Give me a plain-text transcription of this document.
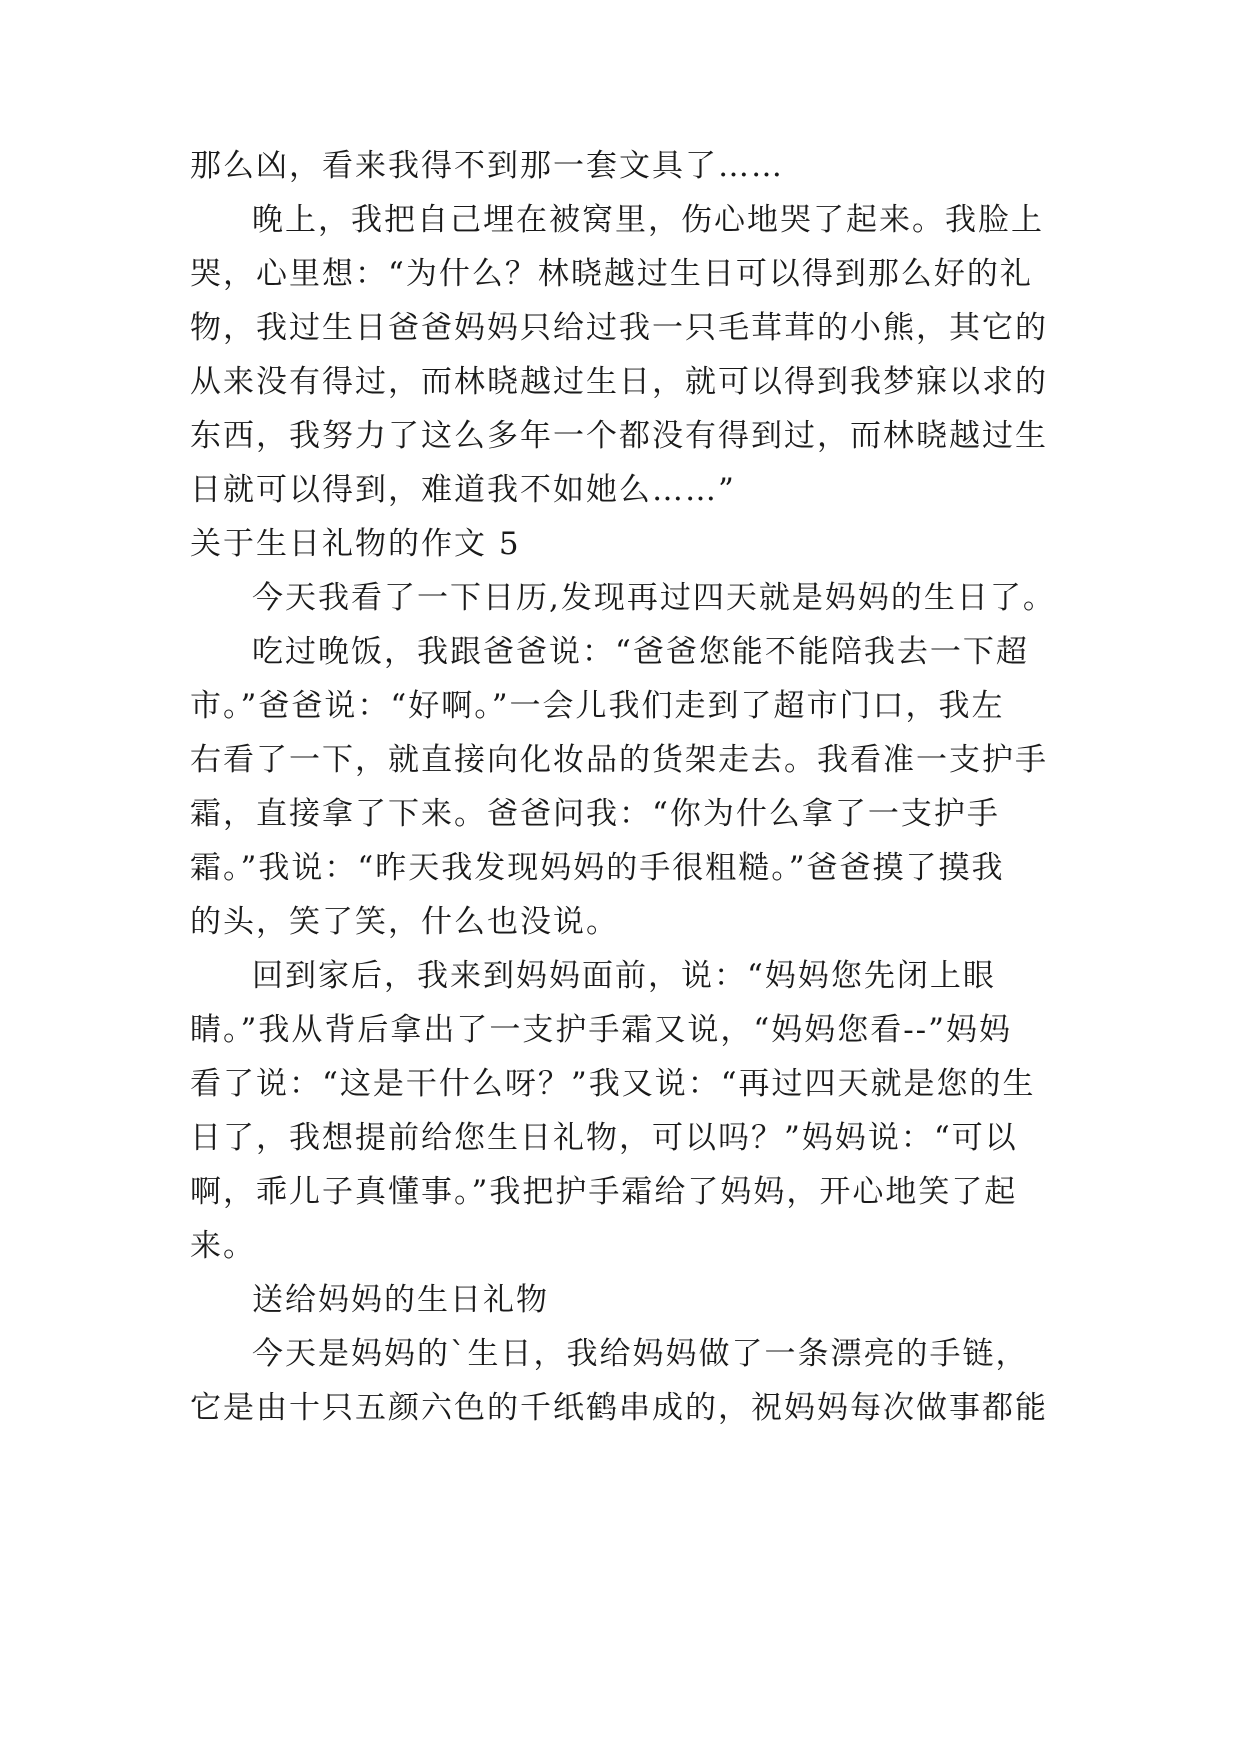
那么凶，看来我得不到那一套文具了……
晚上，我把自己埋在被窝里，伤心地哭了起来。我脸上
哭，心里想：“为什么？林晓越过生日可以得到那么好的礼
物，我过生日爸爸妈妈只给过我一只毛茸茸的小熊，其它的
从来没有得过，而林晓越过生日，就可以得到我梦寐以求的
东西，我努力了这么多年一个都没有得到过，而林晓越过生
日就可以得到，难道我不如她么……”
关于生日礼物的作文 5
今天我看了一下日历,发现再过四天就是妈妈的生日了。
吃过晚饭，我跟爸爸说：“爸爸您能不能陪我去一下超
市。”爸爸说：“好啊。”一会儿我们走到了超市门口，我左
右看了一下，就直接向化妆品的货架走去。我看准一支护手
霜，直接拿了下来。爸爸问我：“你为什么拿了一支护手
霜。”我说：“昨天我发现妈妈的手很粗糙。”爸爸摸了摸我
的头，笑了笑，什么也没说。
回到家后，我来到妈妈面前，说：“妈妈您先闭上眼
睛。”我从背后拿出了一支护手霜又说，“妈妈您看--”妈妈
看了说：“这是干什么呀？”我又说：“再过四天就是您的生
日了，我想提前给您生日礼物，可以吗？”妈妈说：“可以
啊，乖儿子真懂事。”我把护手霜给了妈妈，开心地笑了起
来。
送给妈妈的生日礼物
今天是妈妈的`生日，我给妈妈做了一条漂亮的手链，
它是由十只五颜六色的千纸鹤串成的，祝妈妈每次做事都能
